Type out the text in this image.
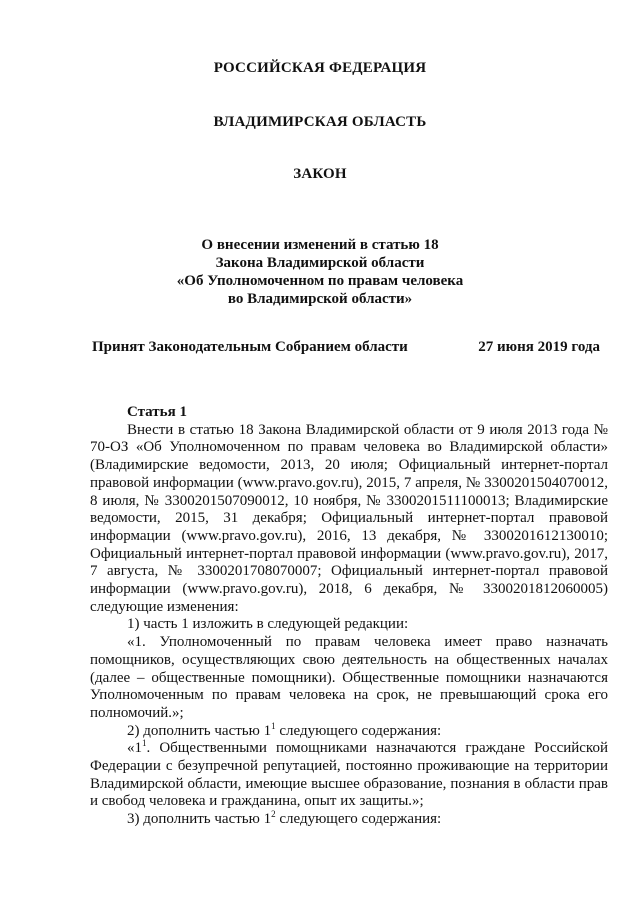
РОССИЙСКАЯ ФЕДЕРАЦИЯ
ВЛАДИМИРСКАЯ ОБЛАСТЬ
ЗАКОН
О внесении изменений в статью 18
Закона Владимирской области
«Об Уполномоченном по правам человека
во Владимирской области»
Принят Законодательным Собранием области	27 июня 2019 года

Статья 1

Внести в статью 18 Закона Владимирской области от 9 июля 2013 года № 70-ОЗ «Об Уполномоченном по правам человека во Владимирской области» (Владимирские ведомости, 2013, 20 июля; Официальный интернет-портал правовой информации (www.pravo.gov.ru), 2015, 7 апреля, № 3300201504070012, 8 июля, № 3300201507090012, 10 ноября, № 3300201511100013; Владимирские ведомости, 2015, 31 декабря; Официальный интернет-портал правовой информации (www.pravo.gov.ru), 2016, 13 декабря, № 3300201612130010; Официальный интернет-портал правовой информации (www.pravo.gov.ru), 2017, 7 августа, № 3300201708070007; Официальный интернет-портал правовой информации (www.pravo.gov.ru), 2018, 6 декабря, № 3300201812060005) следующие изменения:

1) часть 1 изложить в следующей редакции:

«1. Уполномоченный по правам человека имеет право назначать помощников, осуществляющих свою деятельность на общественных началах (далее – общественные помощники). Общественные помощники назначаются Уполномоченным по правам человека на срок, не превышающий срока его полномочий.»;

2) дополнить частью $1^1$ следующего содержания:

«$1^1$. Общественными помощниками назначаются граждане Российской Федерации с безупречной репутацией, постоянно проживающие на территории Владимирской области, имеющие высшее образование, познания в области прав и свобод человека и гражданина, опыт их защиты.»;

3) дополнить частью $1^2$ следующего содержания:
